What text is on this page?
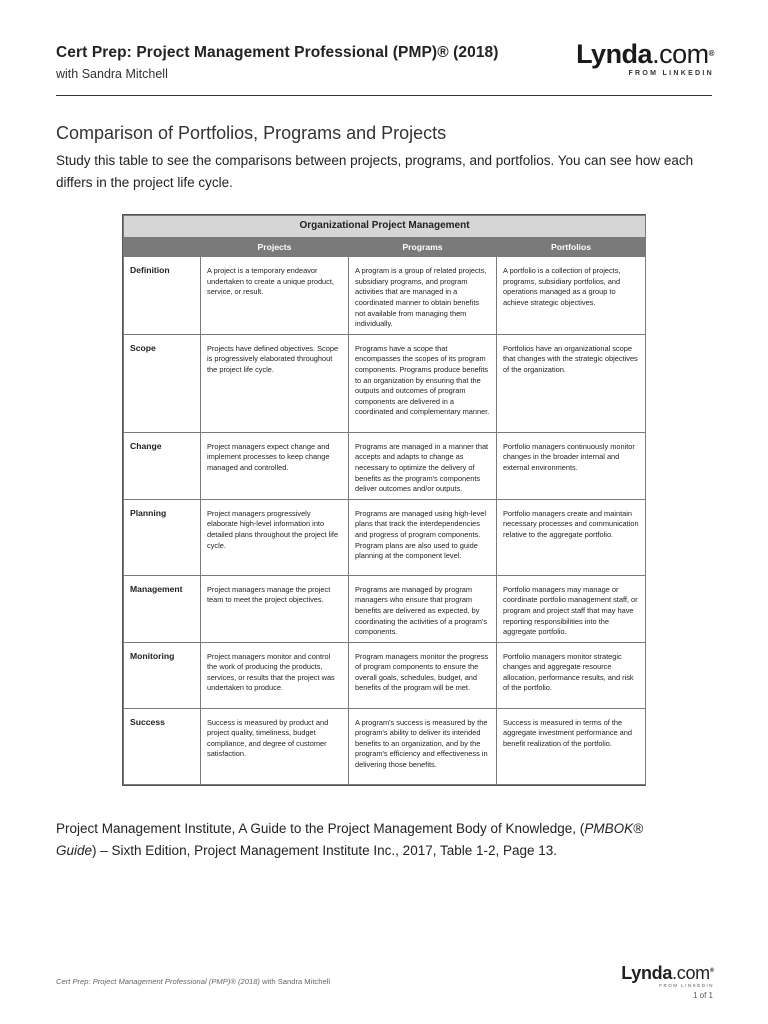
Cert Prep: Project Management Professional (PMP)® (2018)
with Sandra Mitchell
Lynda.com®
FROM LINKEDIN
Comparison of Portfolios, Programs and Projects
Study this table to see the comparisons between projects, programs, and portfolios. You can see how each differs in the project life cycle.
Organizational Project Management			
	Projects	Programs	Portfolios
Definition	A project is a temporary endeavor undertaken to create a unique product, service, or result.	A program is a group of related projects, subsidiary programs, and program activities that are managed in a coordinated manner to obtain benefits not available from managing them individually.	A portfolio is a collection of projects, programs, subsidiary portfolios, and operations managed as a group to achieve strategic objectives.
Scope	Projects have defined objectives. Scope is progressively elaborated throughout the project life cycle.	Programs have a scope that encompasses the scopes of its program components. Programs produce benefits to an organization by ensuring that the outputs and outcomes of program components are delivered in a coordinated and complementary manner.	Portfolios have an organizational scope that changes with the strategic objectives of the organization.
Change	Project managers expect change and implement processes to keep change managed and controlled.	Programs are managed in a manner that accepts and adapts to change as necessary to optimize the delivery of benefits as the program's components deliver outcomes and/or outputs.	Portfolio managers continuously monitor changes in the broader internal and external environments.
Planning	Project managers progressively elaborate high-level information into detailed plans throughout the project life cycle.	Programs are managed using high-level plans that track the interdependencies and progress of program components. Program plans are also used to guide planning at the component level.	Portfolio managers create and maintain necessary processes and communication relative to the aggregate portfolio.
Management	Project managers manage the project team to meet the project objectives.	Programs are managed by program managers who ensure that program benefits are delivered as expected, by coordinating the activities of a program's components.	Portfolio managers may manage or coordinate portfolio management staff, or program and project staff that may have reporting responsibilities into the aggregate portfolio.
Monitoring	Project managers monitor and control the work of producing the products, services, or results that the project was undertaken to produce.	Program managers monitor the progress of program components to ensure the overall goals, schedules, budget, and benefits of the program will be met.	Portfolio managers monitor strategic changes and aggregate resource allocation, performance results, and risk of the portfolio.
Success	Success is measured by product and project quality, timeliness, budget compliance, and degree of customer satisfaction.	A program's success is measured by the program's ability to deliver its intended benefits to an organization, and by the program's efficiency and effectiveness in delivering those benefits.	Success is measured in terms of the aggregate investment performance and benefit realization of the portfolio.
Project Management Institute, A Guide to the Project Management Body of Knowledge, (PMBOK®
Guide) – Sixth Edition, Project Management Institute Inc., 2017, Table 1-2, Page 13.
Cert Prep: Project Management Professional (PMP)® (2018) with Sandra Mitchell	Lynda.com®
FROM LINKEDIN
1 of 1
